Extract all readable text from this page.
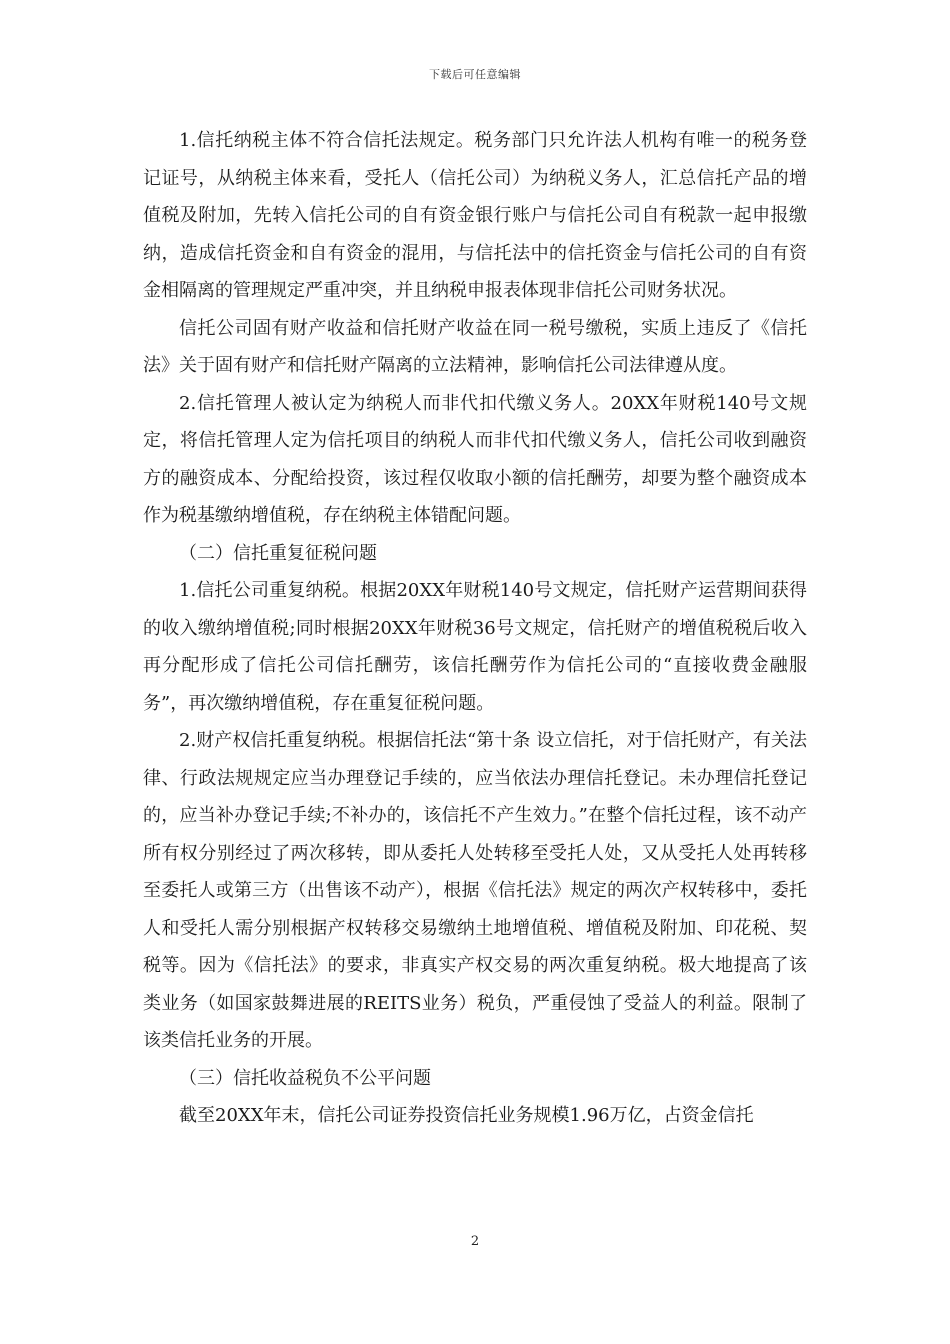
下载后可任意编辑

1.信托纳税主体不符合信托法规定。税务部门只允许法人机构有唯一的税务登记证号，从纳税主体来看，受托人（信托公司）为纳税义务人，汇总信托产品的增值税及附加，先转入信托公司的自有资金银行账户与信托公司自有税款一起申报缴纳，造成信托资金和自有资金的混用，与信托法中的信托资金与信托公司的自有资金相隔离的管理规定严重冲突，并且纳税申报表体现非信托公司财务状况。

信托公司固有财产收益和信托财产收益在同一税号缴税，实质上违反了《信托法》关于固有财产和信托财产隔离的立法精神，影响信托公司法律遵从度。

2.信托管理人被认定为纳税人而非代扣代缴义务人。20XX年财税140号文规定，将信托管理人定为信托项目的纳税人而非代扣代缴义务人，信托公司收到融资方的融资成本、分配给投资，该过程仅收取小额的信托酬劳，却要为整个融资成本作为税基缴纳增值税，存在纳税主体错配问题。

（二）信托重复征税问题

1.信托公司重复纳税。根据20XX年财税140号文规定，信托财产运营期间获得的收入缴纳增值税;同时根据20XX年财税36号文规定，信托财产的增值税税后收入再分配形成了信托公司信托酬劳，该信托酬劳作为信托公司的“直接收费金融服务”，再次缴纳增值税，存在重复征税问题。

2.财产权信托重复纳税。根据信托法“第十条 设立信托，对于信托财产，有关法律、行政法规规定应当办理登记手续的，应当依法办理信托登记。未办理信托登记的，应当补办登记手续;不补办的，该信托不产生效力。”在整个信托过程，该不动产所有权分别经过了两次移转，即从委托人处转移至受托人处，又从受托人处再转移至委托人或第三方（出售该不动产），根据《信托法》规定的两次产权转移中，委托人和受托人需分别根据产权转移交易缴纳土地增值税、增值税及附加、印花税、契税等。因为《信托法》的要求，非真实产权交易的两次重复纳税。极大地提高了该类业务（如国家鼓舞进展的REITS业务）税负，严重侵蚀了受益人的利益。限制了该类信托业务的开展。

（三）信托收益税负不公平问题

截至20XX年末，信托公司证券投资信托业务规模1.96万亿，占资金信托

2
